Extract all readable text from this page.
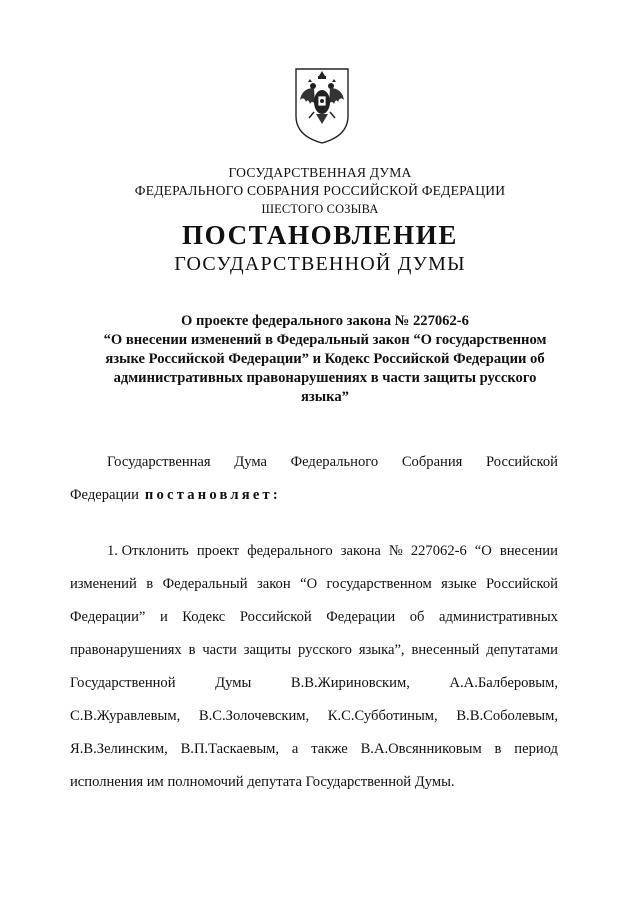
ГОСУДАРСТВЕННАЯ ДУМА
ФЕДЕРАЛЬНОГО СОБРАНИЯ РОССИЙСКОЙ ФЕДЕРАЦИИ
ШЕСТОГО СОЗЫВА
ПОСТАНОВЛЕНИЕ
ГОСУДАРСТВЕННОЙ ДУМЫ
О проекте федерального закона № 227062-6
“О внесении изменений в Федеральный закон “О государственном
языке Российской Федерации” и Кодекс Российской Федерации об
административных правонарушениях в части защиты русского
языка”
Государственная Дума Федерального Собрания Российской
Федерации постановляет:
1. Отклонить проект федерального закона № 227062-6 “О внесении
изменений в Федеральный закон “О государственном языке Российской
Федерации” и Кодекс Российской Федерации об административных
правонарушениях в части защиты русского языка”, внесенный депутатами
Государственной	Думы	В.В.Жириновским,	А.А.Балберовым,
С.В.Журавлевым, В.С.Золочевским, К.С.Субботиным, В.В.Соболевым,
Я.В.Зелинским, В.П.Таскаевым, а также В.А.Овсянниковым в период
исполнения им полномочий депутата Государственной Думы.
